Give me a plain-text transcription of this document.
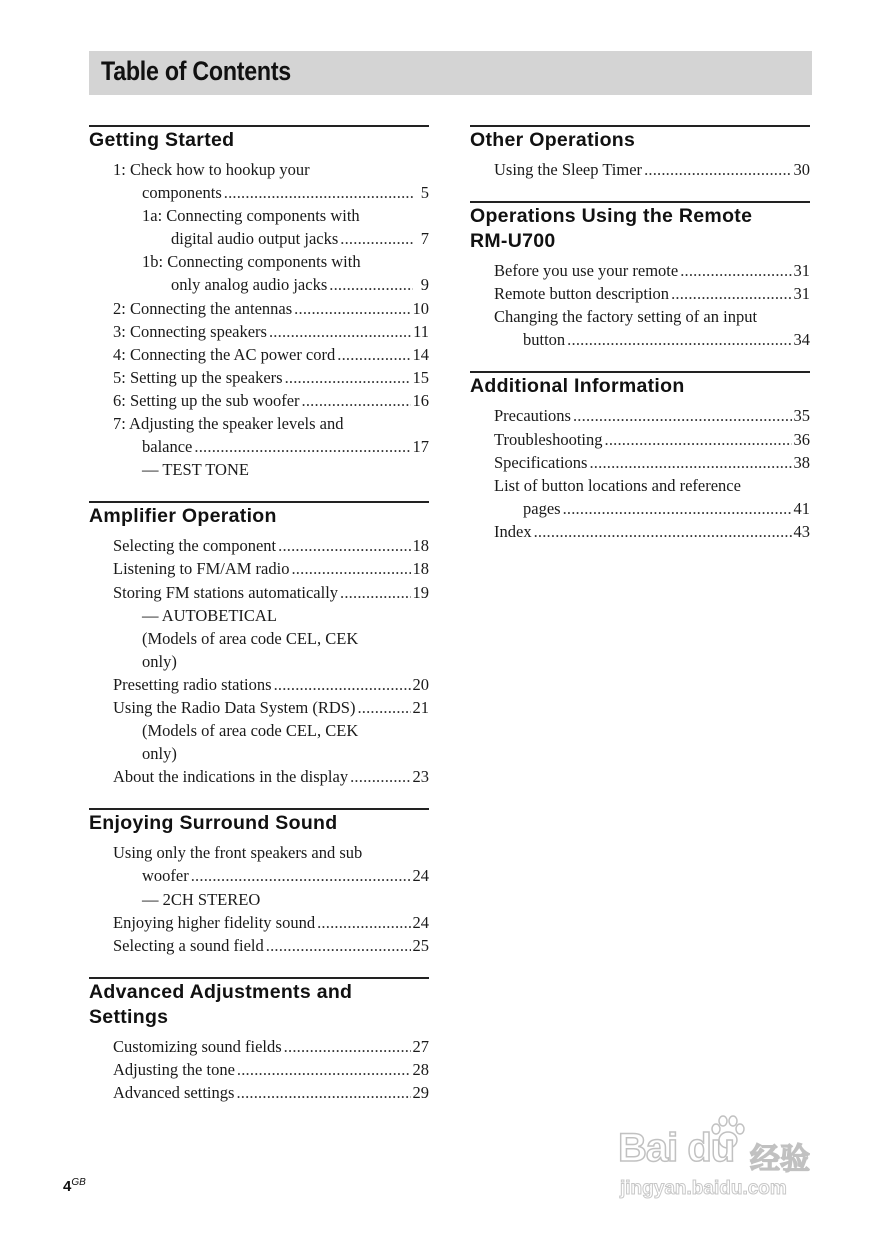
Table of Contents
Getting Started
1: Check how to hookup your
components .....	5
1a: Connecting components with
digital audio output jacks .....	7
1b: Connecting components with
only analog audio jacks .....	9
2: Connecting the antennas .....	10
3: Connecting speakers .....	11
4: Connecting the AC power cord .....	14
5: Setting up the speakers .....	15
6: Setting up the sub woofer .....	16
7: Adjusting the speaker levels and
balance .....	17
— TEST TONE
Amplifier Operation
Selecting the component .....	18
Listening to FM/AM radio .....	18
Storing FM stations automatically .....	19
— AUTOBETICAL
(Models of area code CEL, CEK
only)
Presetting radio stations .....	20
Using the Radio Data System (RDS) .....	21
(Models of area code CEL, CEK
only)
About the indications in the display .....	23
Enjoying Surround Sound
Using only the front speakers and sub
woofer .....	24
— 2CH STEREO
Enjoying higher fidelity sound .....	24
Selecting a sound field .....	25
Advanced Adjustments and
Settings
Customizing sound fields .....	27
Adjusting the tone .....	28
Advanced settings .....	29
Other Operations
Using the Sleep Timer .....	30
Operations Using the Remote
RM-U700
Before you use your remote .....	31
Remote button description .....	31
Changing the factory setting of an input
button .....	34
Additional Information
Precautions .....	35
Troubleshooting .....	36
Specifications .....	38
List of button locations and reference
pages .....	41
Index .....	43
$4^{GB}$
Bai du 经验
jingyan.baidu.com
